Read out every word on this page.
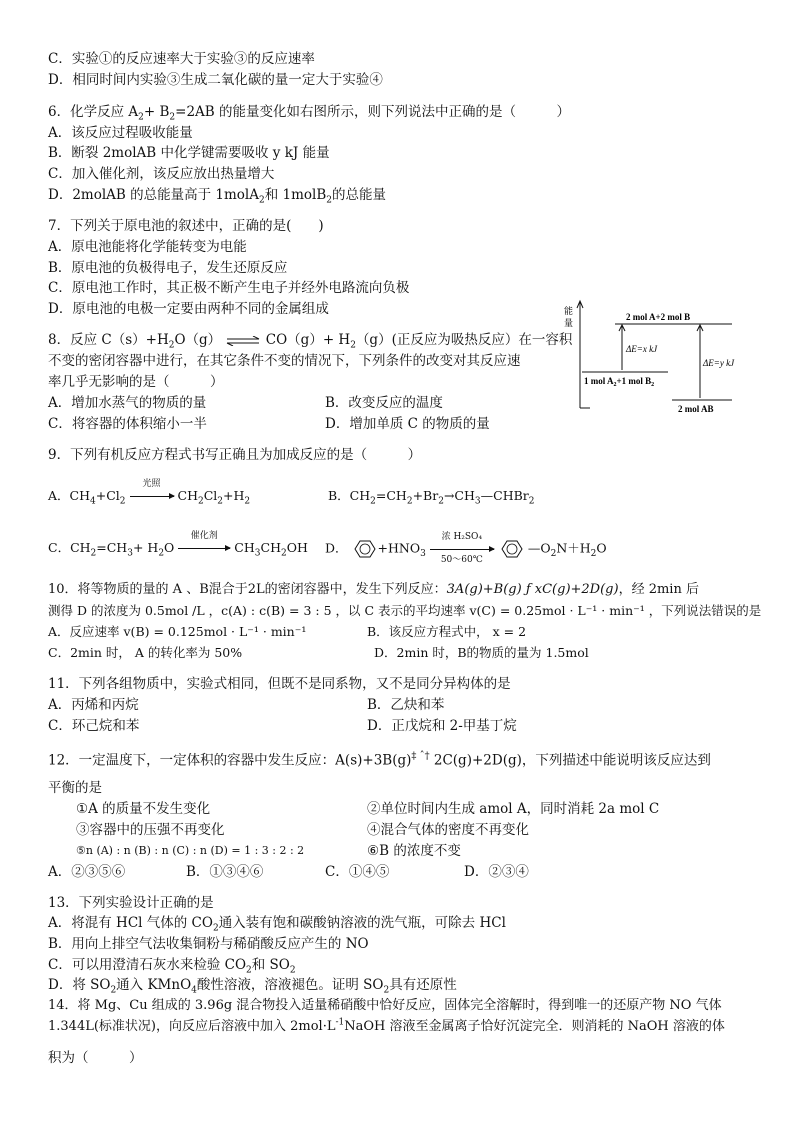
C．实验①的反应速率大于实验③的反应速率
D．相同时间内实验③生成二氧化碳的量一定大于实验④
6．化学反应 $A_2+ B_2=2AB$ 的能量变化如右图所示，则下列说法中正确的是（　　　）
A．该反应过程吸收能量
B．断裂 2molAB 中化学键需要吸收 y kJ 能量
C．加入催化剂，该反应放出热量增大
D．2molAB 的总能量高于 1molA$_2$和 1molB$_2$的总能量
7．下列关于原电池的叙述中，正确的是(　　)
A．原电池能将化学能转变为电能
B．原电池的负极得电子，发生还原反应
C．原电池工作时，其正极不断产生电子并经外电路流向负极
D．原电池的电极一定要由两种不同的金属组成
8．反应 $C(s)+H_2O(g)$ ⇌ $CO(g)+ H_2(g)$(正反应为吸热反应）在一容积
不变的密闭容器中进行，在其它条件不变的情况下，下列条件的改变对其反应速
率几乎无影响的是（　　　）
A．增加水蒸气的物质的量	B．改变反应的温度
C．将容器的体积缩小一半	D．增加单质 C 的物质的量
能
量
2 mol A+2 mol B
1 mol $A_2+1$ mol $B_2$
2 mol AB
ΔE=x kJ
ΔE=y kJ
9．下列有机反应方程式书写正确且为加成反应的是（　　　）
A．$CH_4+Cl_2$
光照
$CH_2Cl_2+H_2$	B．$CH_2=CH_2+Br_2\to CH_3—CHBr_2$
C．$CH_2=CH_3+ H_2O$
催化剂
$CH_3CH_2OH$ D． $+HNO_3$
浓 H₂SO₄
50～60℃
$—O_2N+H_2O$
10．将等物质的量的 A 、B混合于2L的密闭容器中，发生下列反应：3A(g)+B(g) ƒ xC(g)+2D(g)，经 2min 后
测得 D 的浓度为 0.5mol /L ，c(A) : c(B) = 3 : 5 ，以 C 表示的平均速率 v(C) = 0.25mol · L⁻¹ · min⁻¹ ，下列说法错误的是
A．反应速率 v(B) = 0.125mol · L⁻¹ · min⁻¹	B．该反应方程式中， x = 2
C．2min 时， A 的转化率为 50%	D．2min 时，B的物质的量为 1.5mol
11．下列各组物质中，实验式相同，但既不是同系物，又不是同分异构体的是
A．丙烯和丙烷	B．乙炔和苯
C．环己烷和苯	D．正戊烷和 2-甲基丁烷
12．一定温度下，一定体积的容器中发生反应：$A(s)+3B(g)^{\ddagger ˆ\dagger}$ 2C(g)+2D(g)，下列描述中能说明该反应达到
平衡的是
①A 的质量不发生变化	②单位时间内生成 amol A，同时消耗 2a mol C
③容器中的压强不再变化	④混合气体的密度不再变化
⑤n (A) : n (B) : n (C) : n (D) = 1 : 3 : 2 : 2	⑥B 的浓度不变
A．②③⑤⑥	B．①③④⑥	C．①④⑤	D．②③④
13．下列实验设计正确的是
A．将混有 HCl 气体的 $CO_2$通入装有饱和碳酸钠溶液的洗气瓶，可除去 HCl
B．用向上排空气法收集铜粉与稀硝酸反应产生的 NO
C．可以用澄清石灰水来检验 $CO_2$和 $SO_2$
D．将 $SO_2$通入 KMnO$_4$酸性溶液，溶液褪色。证明 $SO_2$具有还原性
14．将 Mg、Cu 组成的 3.96g 混合物投入适量稀硝酸中恰好反应，固体完全溶解时，得到唯一的还原产物 NO 气体
1.344L(标准状况)，向反应后溶液中加入 $2mol\cdot L^{-1}NaOH$ 溶液至金属离子恰好沉淀完全．则消耗的 NaOH 溶液的体
积为（　　　）
